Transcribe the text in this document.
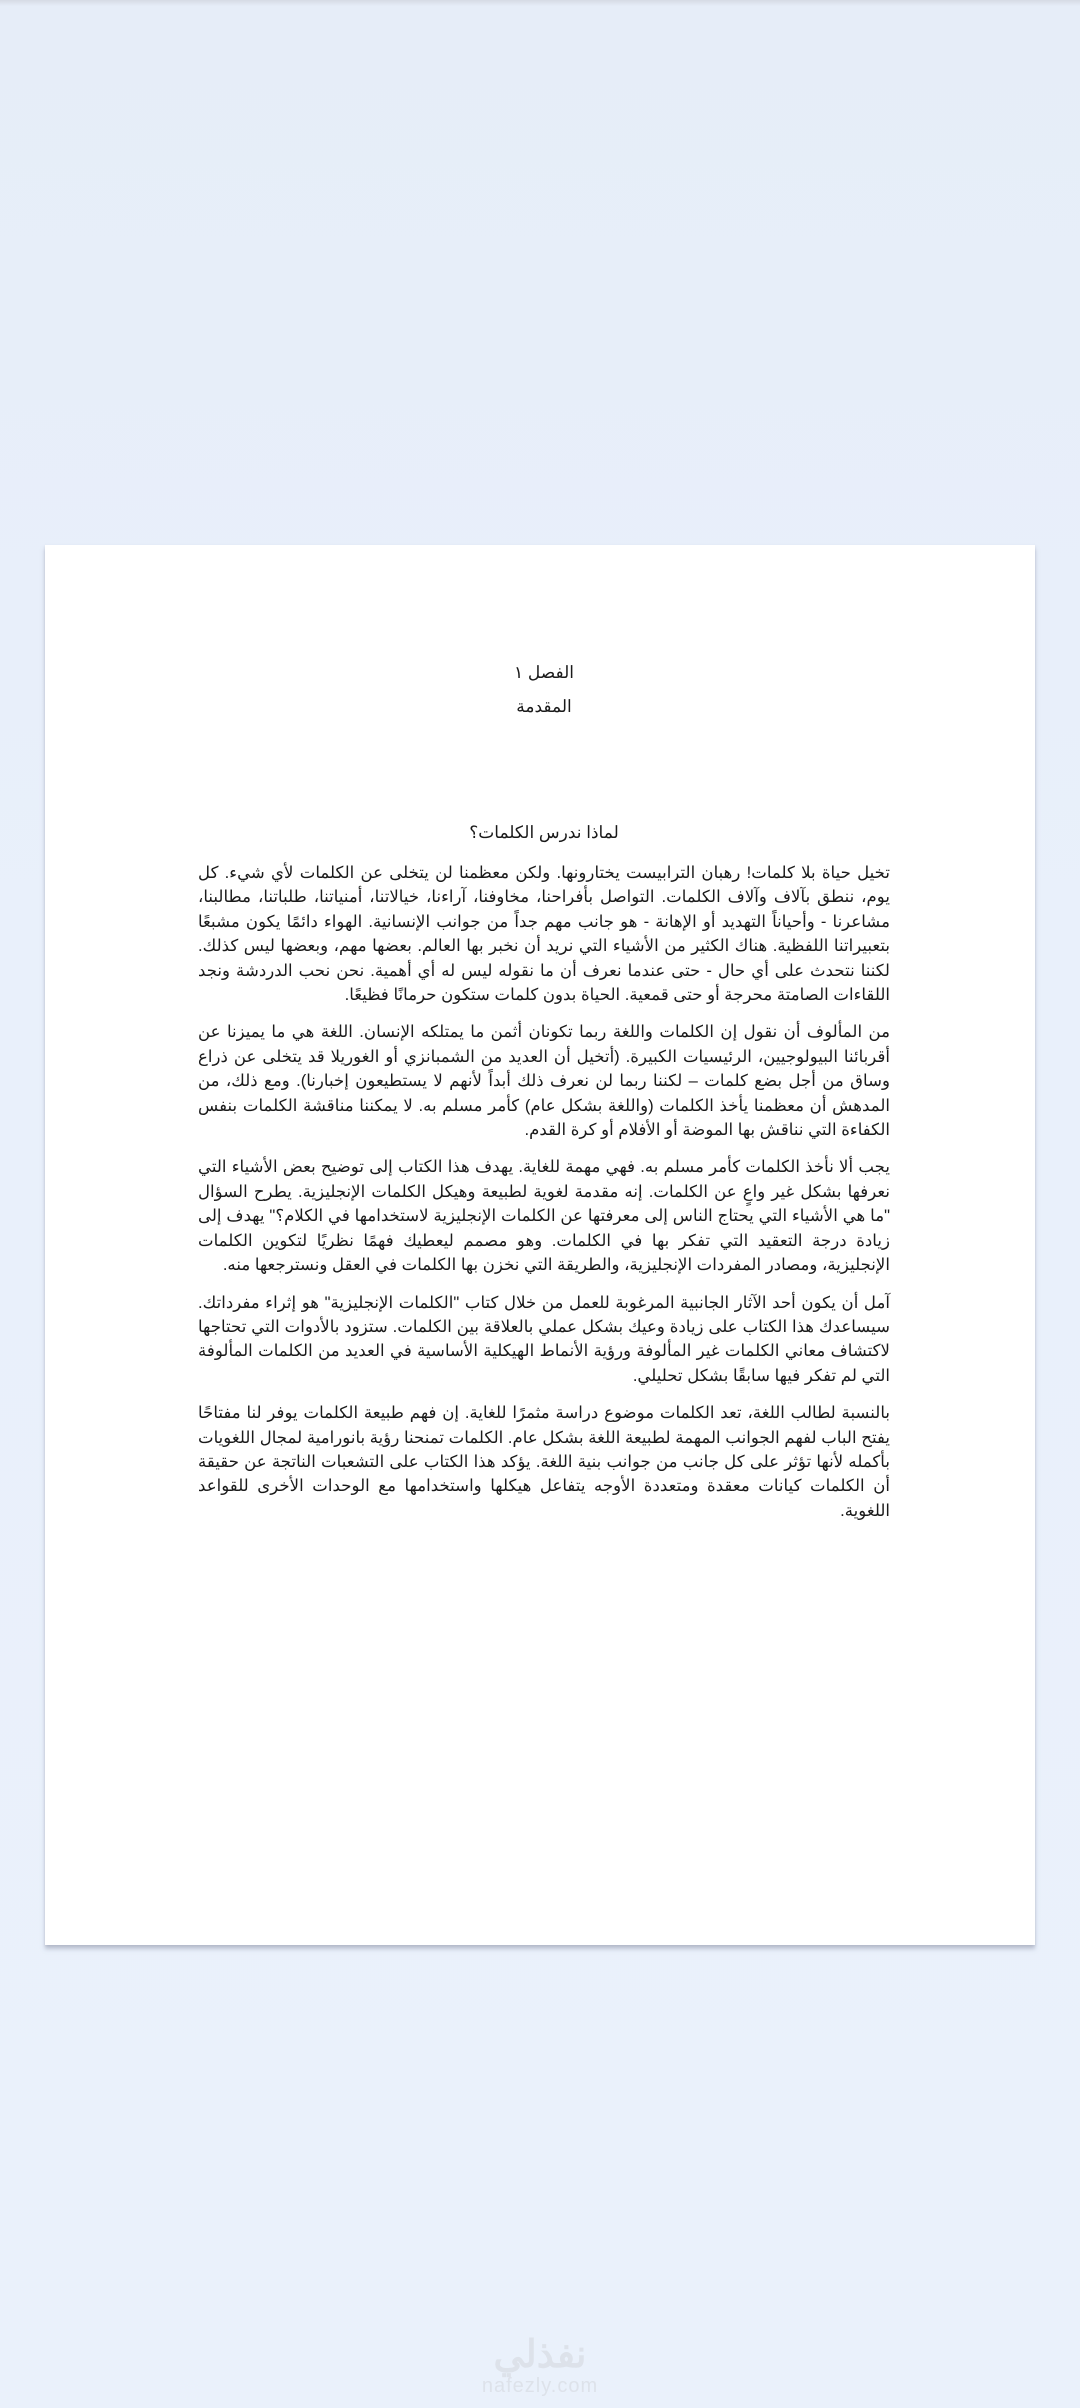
الفصل ١
المقدمة
لماذا ندرس الكلمات؟

تخيل حياة بلا كلمات! رهبان الترابيست يختارونها. ولكن معظمنا لن يتخلى عن الكلمات لأي شيء. كل يوم، ننطق بآلاف وآلاف الكلمات. التواصل بأفراحنا، مخاوفنا، آراءنا، خيالاتنا، أمنياتنا، طلباتنا، مطالبنا، مشاعرنا - وأحياناً التهديد أو الإهانة - هو جانب مهم جداً من جوانب الإنسانية. الهواء دائمًا يكون مشبعًا بتعبيراتنا اللفظية. هناك الكثير من الأشياء التي نريد أن نخبر بها العالم. بعضها مهم، وبعضها ليس كذلك. لكننا نتحدث على أي حال - حتى عندما نعرف أن ما نقوله ليس له أي أهمية. نحن نحب الدردشة ونجد اللقاءات الصامتة محرجة أو حتى قمعية. الحياة بدون كلمات ستكون حرمانًا فظيعًا.

من المألوف أن نقول إن الكلمات واللغة ربما تكونان أثمن ما يمتلكه الإنسان. اللغة هي ما يميزنا عن أقربائنا البيولوجيين، الرئيسيات الكبيرة. (أتخيل أن العديد من الشمبانزي أو الغوريلا قد يتخلى عن ذراع وساق من أجل بضع كلمات – لكننا ربما لن نعرف ذلك أبداً لأنهم لا يستطيعون إخبارنا). ومع ذلك، من المدهش أن معظمنا يأخذ الكلمات (واللغة بشكل عام) كأمر مسلم به. لا يمكننا مناقشة الكلمات بنفس الكفاءة التي نناقش بها الموضة أو الأفلام أو كرة القدم.

يجب ألا نأخذ الكلمات كأمر مسلم به. فهي مهمة للغاية. يهدف هذا الكتاب إلى توضيح بعض الأشياء التي نعرفها بشكل غير واعٍ عن الكلمات. إنه مقدمة لغوية لطبيعة وهيكل الكلمات الإنجليزية. يطرح السؤال "ما هي الأشياء التي يحتاج الناس إلى معرفتها عن الكلمات الإنجليزية لاستخدامها في الكلام؟" يهدف إلى زيادة درجة التعقيد التي تفكر بها في الكلمات. وهو مصمم ليعطيك فهمًا نظريًا لتكوين الكلمات الإنجليزية، ومصادر المفردات الإنجليزية، والطريقة التي نخزن بها الكلمات في العقل ونسترجعها منه.

آمل أن يكون أحد الآثار الجانبية المرغوبة للعمل من خلال كتاب "الكلمات الإنجليزية" هو إثراء مفرداتك. سيساعدك هذا الكتاب على زيادة وعيك بشكل عملي بالعلاقة بين الكلمات. ستزود بالأدوات التي تحتاجها لاكتشاف معاني الكلمات غير المألوفة ورؤية الأنماط الهيكلية الأساسية في العديد من الكلمات المألوفة التي لم تفكر فيها سابقًا بشكل تحليلي.

بالنسبة لطالب اللغة، تعد الكلمات موضوع دراسة مثمرًا للغاية. إن فهم طبيعة الكلمات يوفر لنا مفتاحًا يفتح الباب لفهم الجوانب المهمة لطبيعة اللغة بشكل عام. الكلمات تمنحنا رؤية بانورامية لمجال اللغويات بأكمله لأنها تؤثر على كل جانب من جوانب بنية اللغة. يؤكد هذا الكتاب على التشعبات الناتجة عن حقيقة أن الكلمات كيانات معقدة ومتعددة الأوجه يتفاعل هيكلها واستخدامها مع الوحدات الأخرى للقواعد اللغوية.

نفذلي
nafezly.com
